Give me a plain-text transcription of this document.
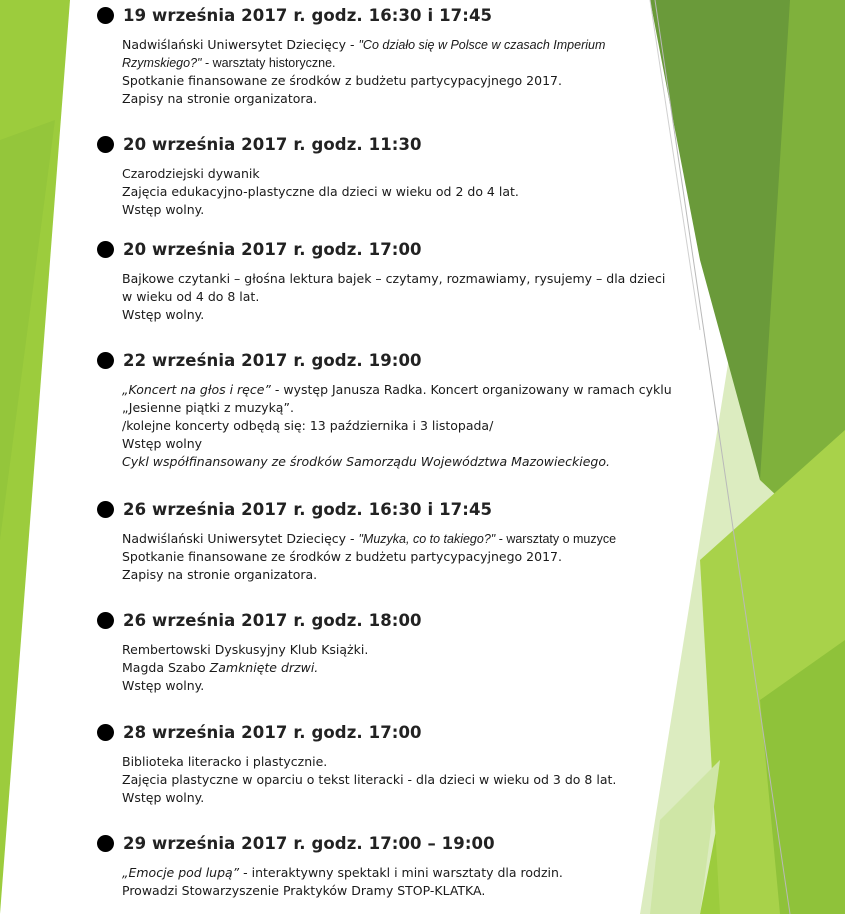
19 września 2017 r. godz. 16:30 i 17:45
Nadwiślański Uniwersytet Dziecięcy - "Co działo się w Polsce w czasach Imperium
Rzymskiego?" - warsztaty historyczne.
Spotkanie finansowane ze środków z budżetu partycypacyjnego 2017.
Zapisy na stronie organizatora.
20 września 2017 r. godz. 11:30
Czarodziejski dywanik
Zajęcia edukacyjno-plastyczne dla dzieci w wieku od 2 do 4 lat.
Wstęp wolny.
20 września 2017 r. godz. 17:00
Bajkowe czytanki – głośna lektura bajek – czytamy, rozmawiamy, rysujemy – dla dzieci
w wieku od 4 do 8 lat.
Wstęp wolny.
22 września 2017 r. godz. 19:00
„Koncert na głos i ręce” - występ Janusza Radka. Koncert organizowany w ramach cyklu
„Jesienne piątki z muzyką”.
/kolejne koncerty odbędą się: 13 października i 3 listopada/
Wstęp wolny
Cykl współfinansowany ze środków Samorządu Województwa Mazowieckiego.
26 września 2017 r. godz. 16:30 i 17:45
Nadwiślański Uniwersytet Dziecięcy - "Muzyka, co to takiego?" - warsztaty o muzyce
Spotkanie finansowane ze środków z budżetu partycypacyjnego 2017.
Zapisy na stronie organizatora.
26 września 2017 r. godz. 18:00
Rembertowski Dyskusyjny Klub Książki.
Magda Szabo Zamknięte drzwi.
Wstęp wolny.
28 września 2017 r. godz. 17:00
Biblioteka literacko i plastycznie.
Zajęcia plastyczne w oparciu o tekst literacki - dla dzieci w wieku od 3 do 8 lat.
Wstęp wolny.
29 września 2017 r. godz. 17:00 – 19:00
„Emocje pod lupą” - interaktywny spektakl i mini warsztaty dla rodzin.
Prowadzi Stowarzyszenie Praktyków Dramy STOP-KLATKA.
